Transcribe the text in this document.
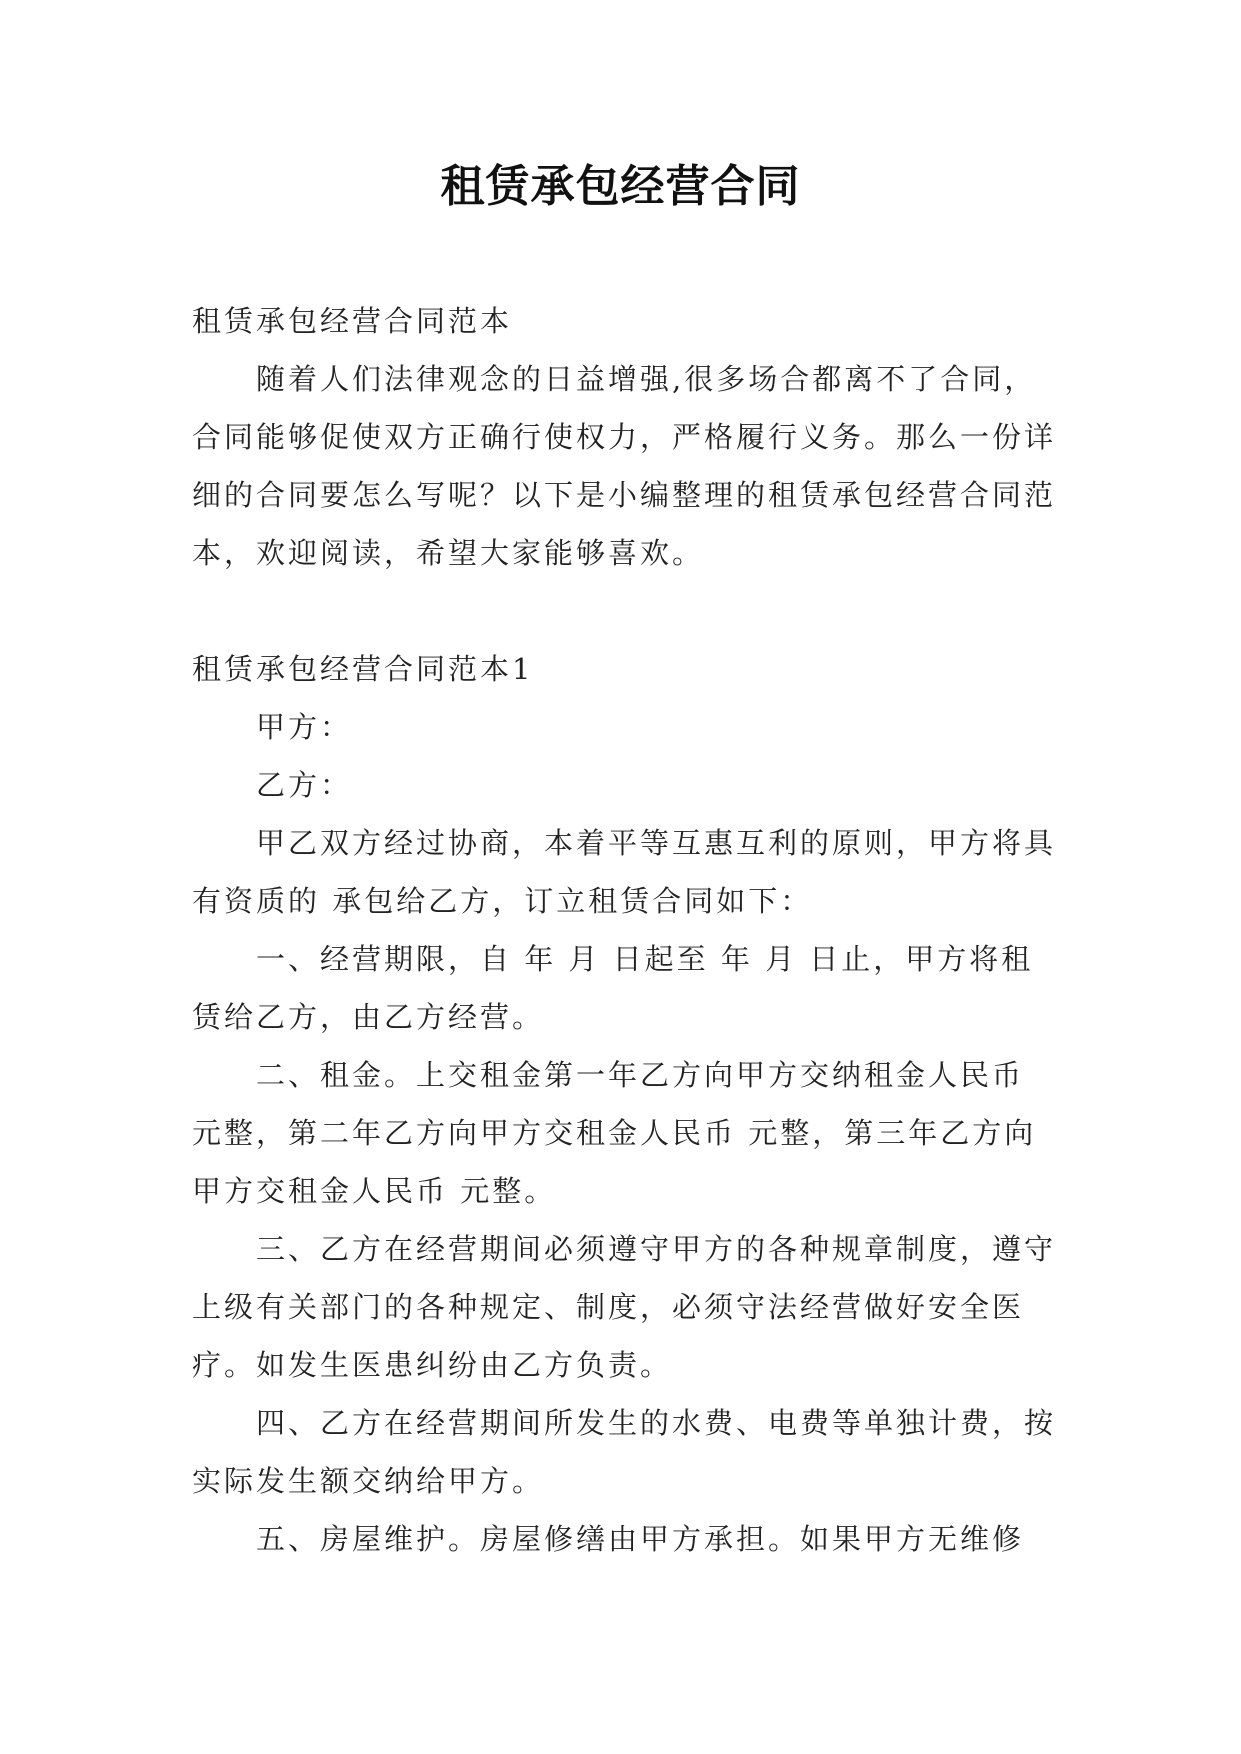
租赁承包经营合同

租赁承包经营合同范本

随着人们法律观念的日益增强,很多场合都离不了合同，合同能够促使双方正确行使权力，严格履行义务。那么一份详细的合同要怎么写呢？以下是小编整理的租赁承包经营合同范本，欢迎阅读，希望大家能够喜欢。

租赁承包经营合同范本1

甲方：

乙方：

甲乙双方经过协商，本着平等互惠互利的原则，甲方将具有资质的 承包给乙方，订立租赁合同如下：

一、经营期限，自 年 月 日起至 年 月 日止，甲方将租赁给乙方，由乙方经营。

二、租金。上交租金第一年乙方向甲方交纳租金人民币 元整，第二年乙方向甲方交租金人民币 元整，第三年乙方向甲方交租金人民币 元整。

三、乙方在经营期间必须遵守甲方的各种规章制度，遵守上级有关部门的各种规定、制度，必须守法经营做好安全医疗。如发生医患纠纷由乙方负责。

四、乙方在经营期间所发生的水费、电费等单独计费，按实际发生额交纳给甲方。

五、房屋维护。房屋修缮由甲方承担。如果甲方无维修
